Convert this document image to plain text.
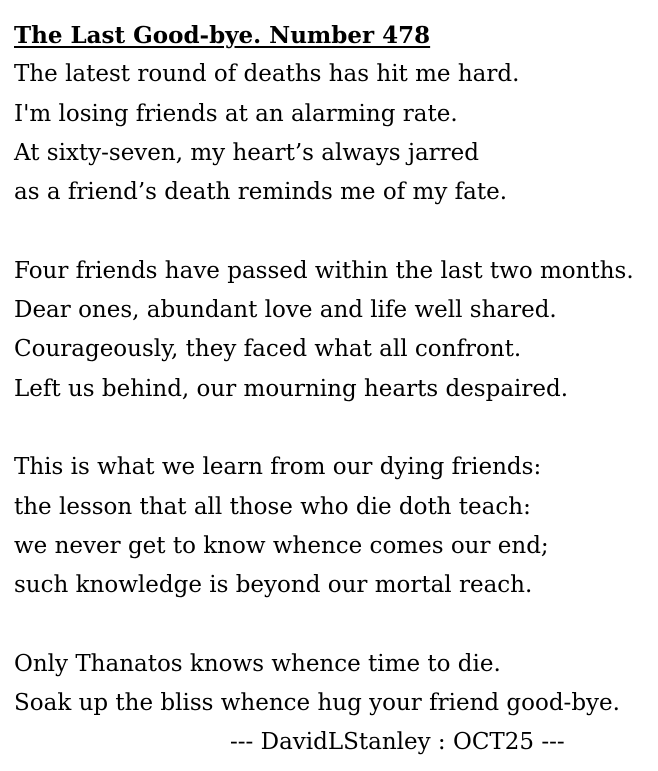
The Last Good-bye. Number 478
The latest round of deaths has hit me hard.
I'm losing friends at an alarming rate.
At sixty-seven, my heart’s always jarred
as a friend’s death reminds me of my fate.
Four friends have passed within the last two months.
Dear ones, abundant love and life well shared.
Courageously, they faced what all confront.
Left us behind, our mourning hearts despaired.
This is what we learn from our dying friends:
the lesson that all those who die doth teach:
we never get to know whence comes our end;
such knowledge is beyond our mortal reach.
Only Thanatos knows whence time to die.
Soak up the bliss whence hug your friend good-bye.
--- DavidLStanley : OCT25 ---
